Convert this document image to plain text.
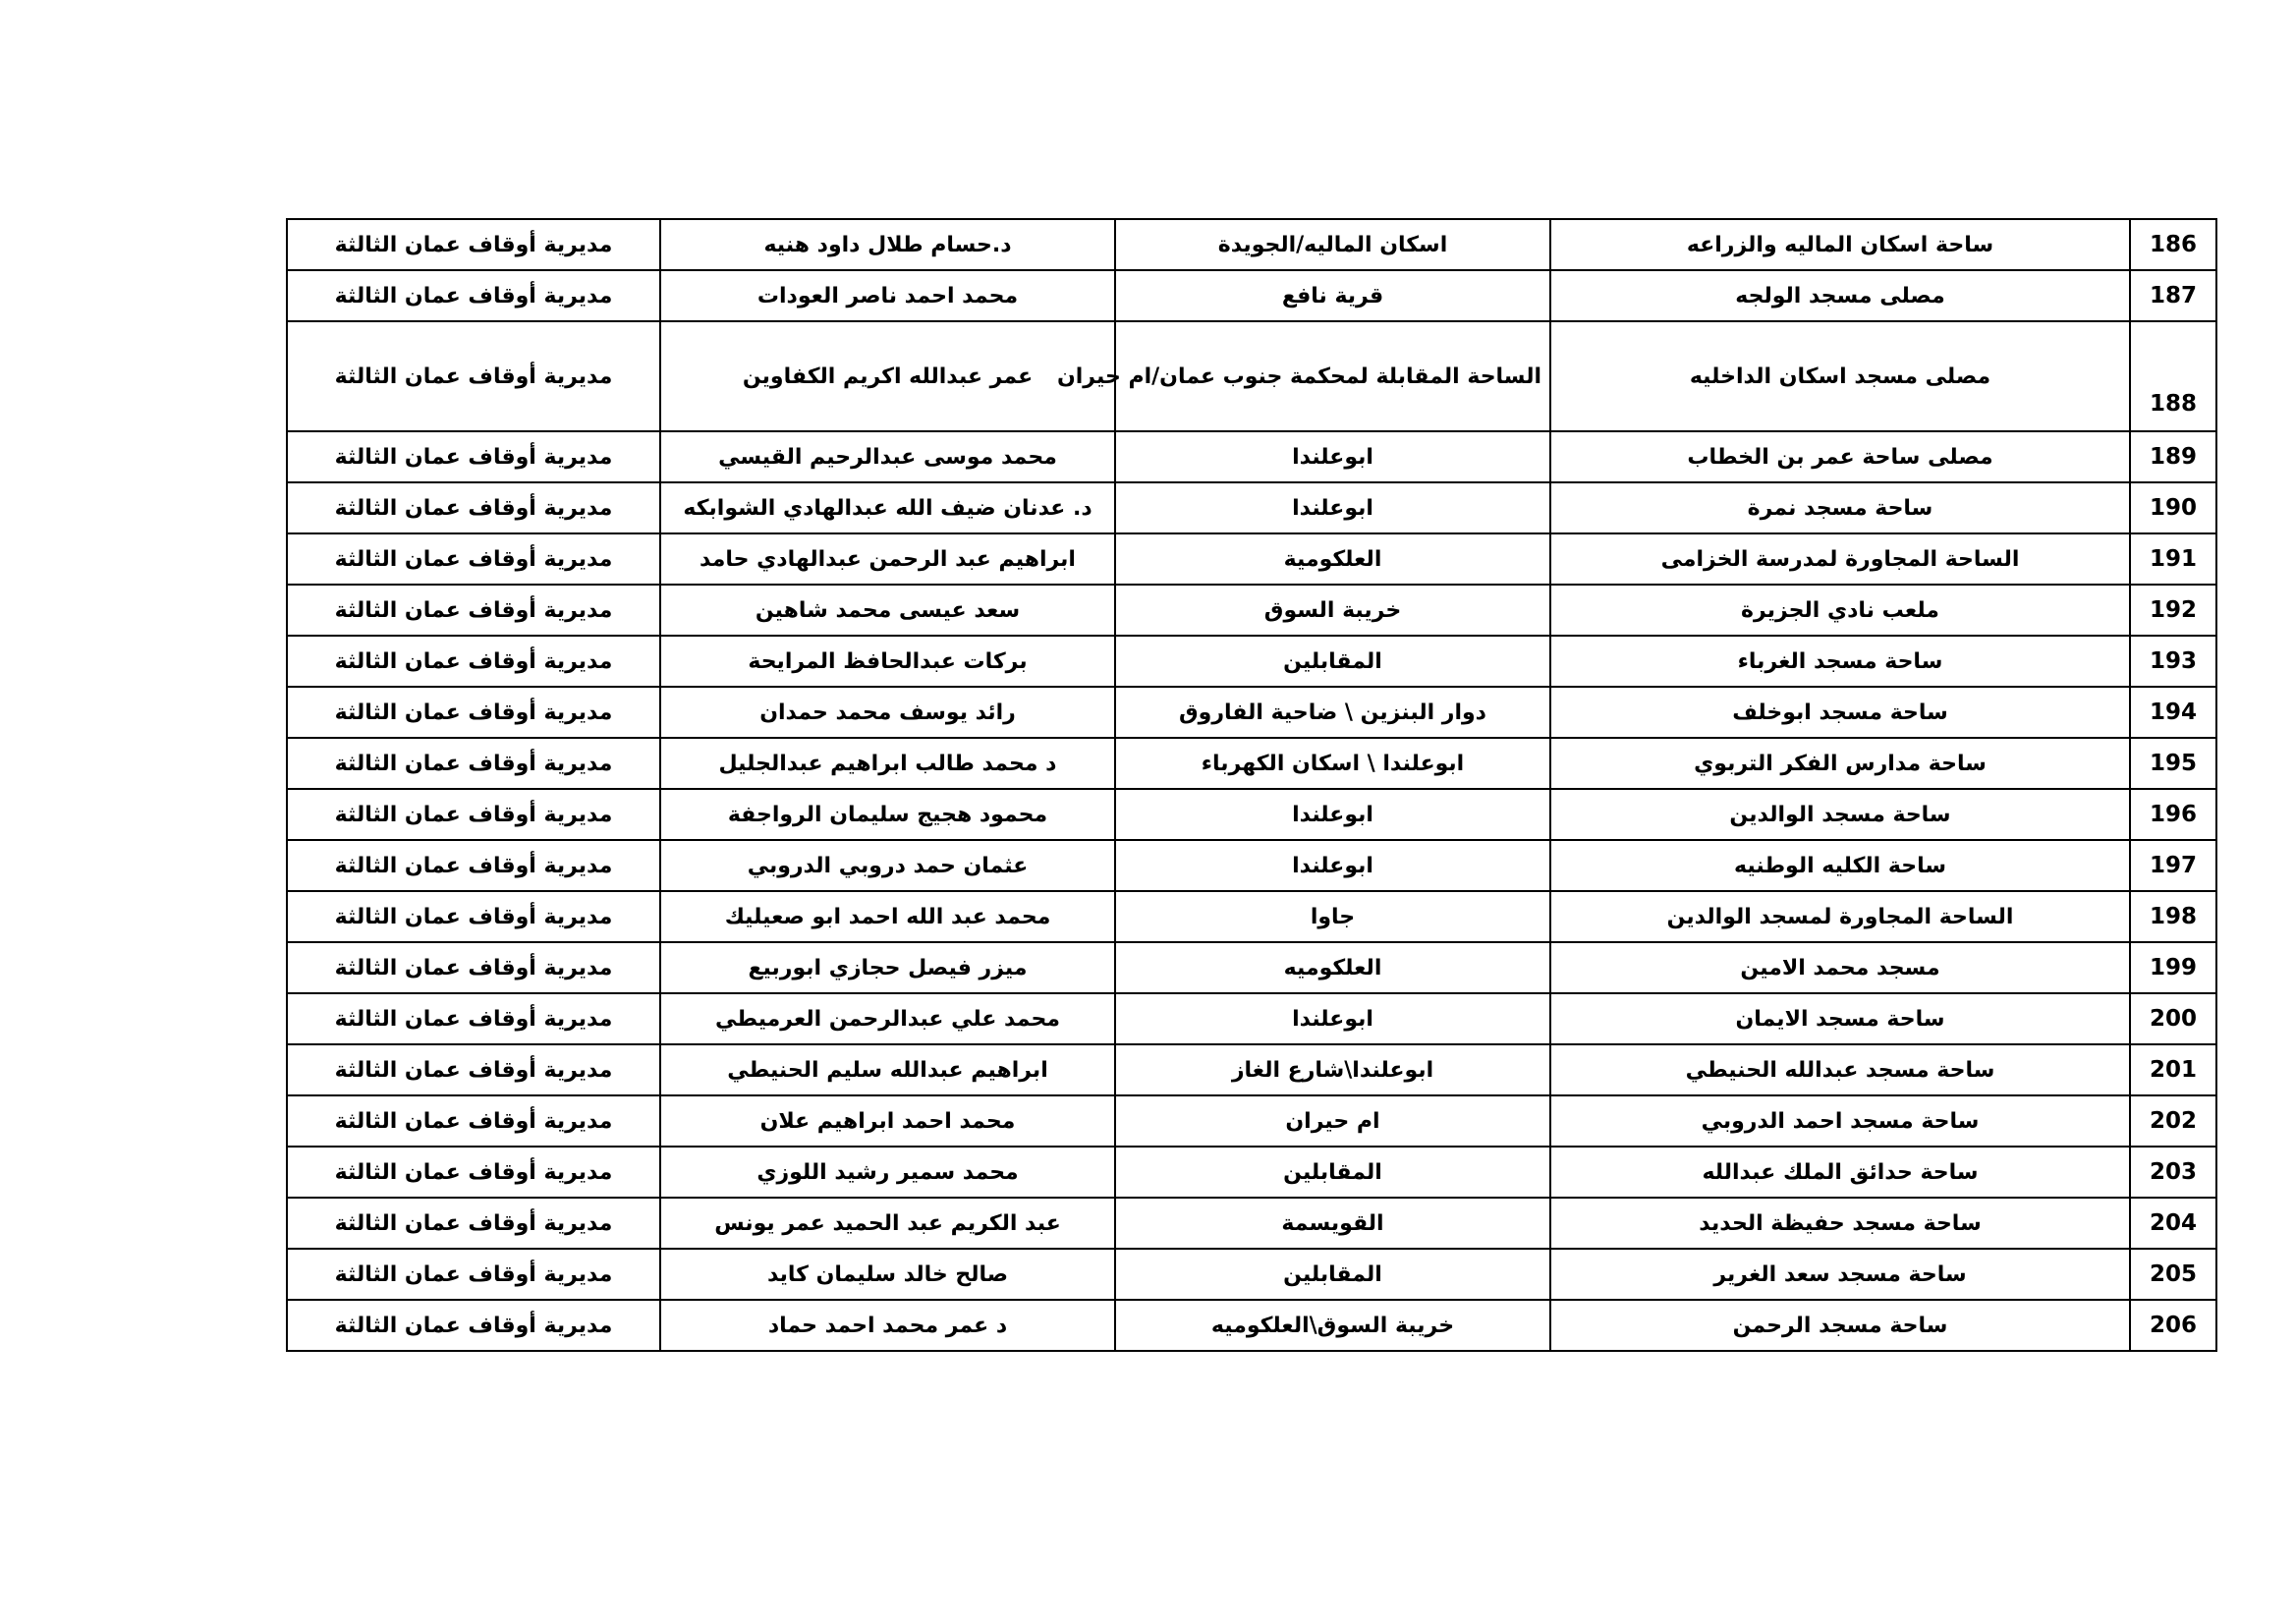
مديرية أوقاف عمان الثالثة	د.حسام طلال داود هنيه	اسكان الماليه/الجويدة	ساحة اسكان الماليه والزراعه	186
مديرية أوقاف عمان الثالثة	محمد احمد ناصر العودات	قرية نافع	مصلى مسجد الولجه	187
مديرية أوقاف عمان الثالثة	عمر عبدالله اكريم الكفاوين	الساحة المقابلة لمحكمة جنوب عمان/ام حيران	مصلى مسجد اسكان الداخليه	188
مديرية أوقاف عمان الثالثة	محمد موسى عبدالرحيم القيسي	ابوعلندا	مصلى ساحة عمر بن الخطاب	189
مديرية أوقاف عمان الثالثة	د. عدنان ضيف الله عبدالهادي الشوابكه	ابوعلندا	ساحة مسجد نمرة	190
مديرية أوقاف عمان الثالثة	ابراهيم عبد الرحمن عبدالهادي حامد	العلكومية	الساحة المجاورة لمدرسة الخزامى	191
مديرية أوقاف عمان الثالثة	سعد عيسى محمد شاهين	خريبة السوق	ملعب نادي الجزيرة	192
مديرية أوقاف عمان الثالثة	بركات عبدالحافظ المرايحة	المقابلين	ساحة مسجد الغرباء	193
مديرية أوقاف عمان الثالثة	رائد يوسف محمد حمدان	دوار البنزين \ ضاحية الفاروق	ساحة مسجد ابوخلف	194
مديرية أوقاف عمان الثالثة	د محمد طالب ابراهيم عبدالجليل	ابوعلندا \ اسكان الكهرباء	ساحة مدارس الفكر التربوي	195
مديرية أوقاف عمان الثالثة	محمود هجيج سليمان الرواجفة	ابوعلندا	ساحة مسجد الوالدين	196
مديرية أوقاف عمان الثالثة	عثمان حمد دروبي الدروبي	ابوعلندا	ساحة الكليه الوطنيه	197
مديرية أوقاف عمان الثالثة	محمد عبد الله احمد ابو صعيليك	جاوا	الساحة المجاورة لمسجد الوالدين	198
مديرية أوقاف عمان الثالثة	ميزر فيصل حجازي ابوربيع	العلكوميه	مسجد محمد الامين	199
مديرية أوقاف عمان الثالثة	محمد علي عبدالرحمن العرميطي	ابوعلندا	ساحة مسجد الايمان	200
مديرية أوقاف عمان الثالثة	ابراهيم عبدالله سليم الحنيطي	ابوعلندا\شارع الغاز	ساحة مسجد عبدالله الحنيطي	201
مديرية أوقاف عمان الثالثة	محمد احمد ابراهيم علان	ام حيران	ساحة مسجد احمد الدروبي	202
مديرية أوقاف عمان الثالثة	محمد سمير رشيد اللوزي	المقابلين	ساحة حدائق الملك عبدالله	203
مديرية أوقاف عمان الثالثة	عبد الكريم عبد الحميد عمر يونس	القويسمة	ساحة مسجد حفيظة الحديد	204
مديرية أوقاف عمان الثالثة	صالح خالد سليمان كايد	المقابلين	ساحة مسجد سعد الغرير	205
مديرية أوقاف عمان الثالثة	د عمر محمد احمد حماد	خريبة السوق\العلكوميه	ساحة مسجد الرحمن	206
